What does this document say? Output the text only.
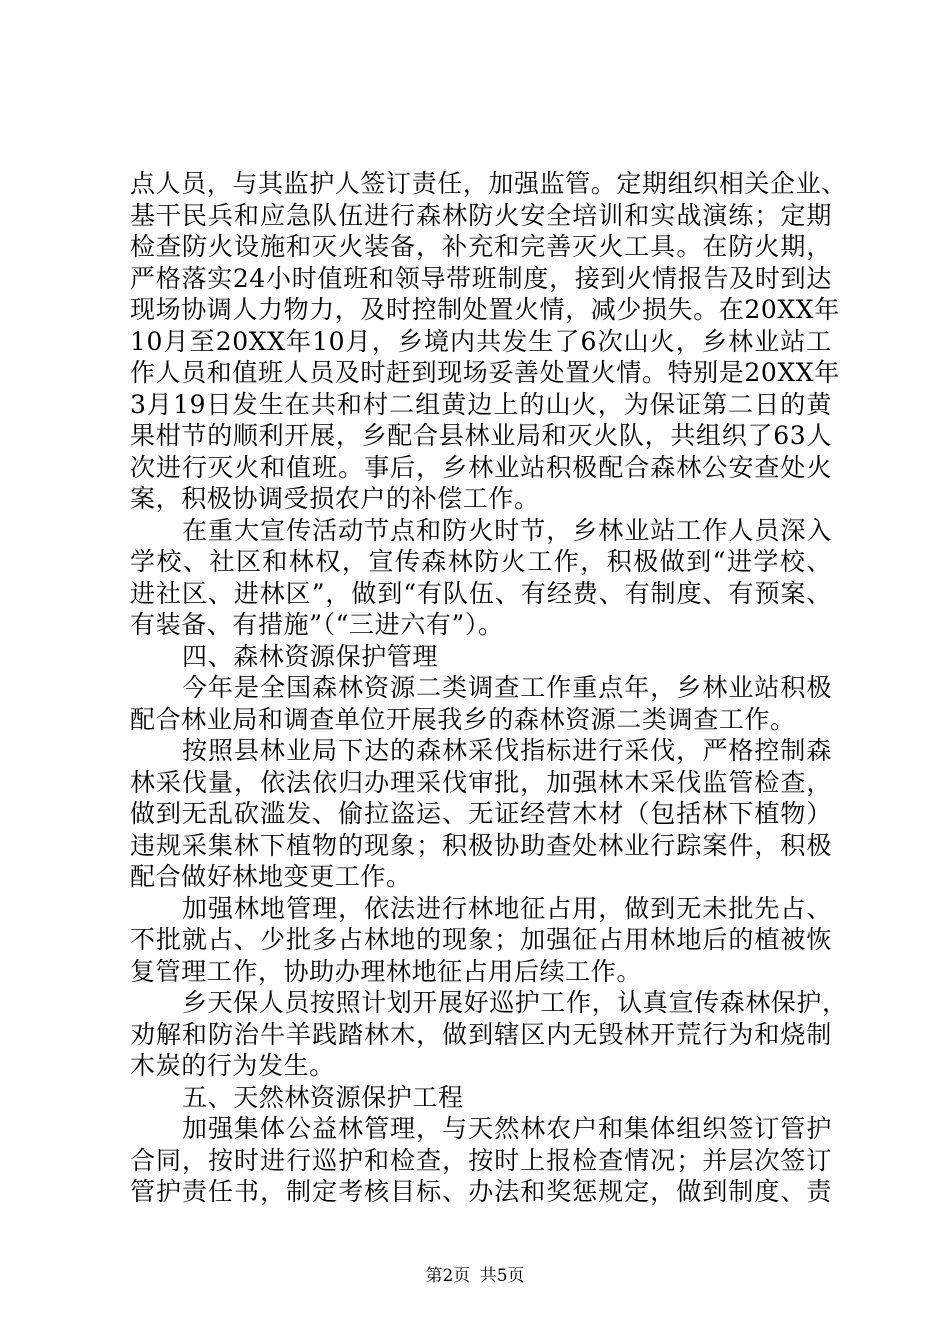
点人员，与其监护人签订责任，加强监管。定期组织相关企业、
基干民兵和应急队伍进行森林防火安全培训和实战演练；定期
检查防火设施和灭火装备，补充和完善灭火工具。在防火期，
严格落实24小时值班和领导带班制度，接到火情报告及时到达
现场协调人力物力，及时控制处置火情，减少损失。在20XX年
10月至20XX年10月，乡境内共发生了6次山火，乡林业站工
作人员和值班人员及时赶到现场妥善处置火情。特别是20XX年
3月19日发生在共和村二组黄边上的山火，为保证第二日的黄
果柑节的顺利开展，乡配合县林业局和灭火队，共组织了63人
次进行灭火和值班。事后，乡林业站积极配合森林公安查处火
案，积极协调受损农户的补偿工作。
在重大宣传活动节点和防火时节，乡林业站工作人员深入
学校、社区和林权，宣传森林防火工作，积极做到“进学校、
进社区、进林区”，做到“有队伍、有经费、有制度、有预案、
有装备、有措施”（“三进六有”）。
四、森林资源保护管理
今年是全国森林资源二类调查工作重点年，乡林业站积极
配合林业局和调查单位开展我乡的森林资源二类调查工作。
按照县林业局下达的森林采伐指标进行采伐，严格控制森
林采伐量，依法依归办理采伐审批，加强林木采伐监管检查，
做到无乱砍滥发、偷拉盗运、无证经营木材（包括林下植物）
违规采集林下植物的现象；积极协助查处林业行踪案件，积极
配合做好林地变更工作。
加强林地管理，依法进行林地征占用，做到无未批先占、
不批就占、少批多占林地的现象；加强征占用林地后的植被恢
复管理工作，协助办理林地征占用后续工作。
乡天保人员按照计划开展好巡护工作，认真宣传森林保护，
劝解和防治牛羊践踏林木，做到辖区内无毁林开荒行为和烧制
木炭的行为发生。
五、天然林资源保护工程
加强集体公益林管理，与天然林农户和集体组织签订管护
合同，按时进行巡护和检查，按时上报检查情况；并层次签订
管护责任书，制定考核目标、办法和奖惩规定，做到制度、责
第2页 共5页
